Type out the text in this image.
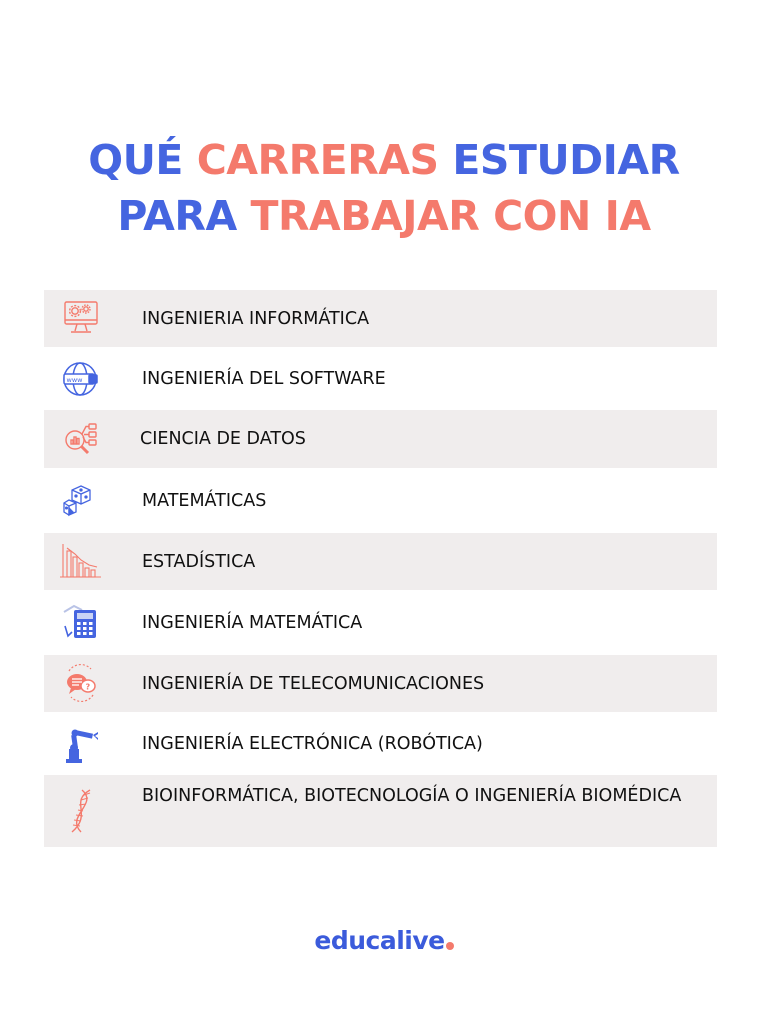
QUÉ CARRERAS ESTUDIAR
PARA TRABAJAR CON IA
INGENIERIA INFORMÁTICA
www	INGENIERÍA DEL SOFTWARE
CIENCIA DE DATOS
MATEMÁTICAS
ESTADÍSTICA
INGENIERÍA MATEMÁTICA
?	INGENIERÍA DE TELECOMUNICACIONES
INGENIERÍA ELECTRÓNICA (ROBÓTICA)
BIOINFORMÁTICA, BIOTECNOLOGÍA O INGENIERÍA BIOMÉDICA
educalive
